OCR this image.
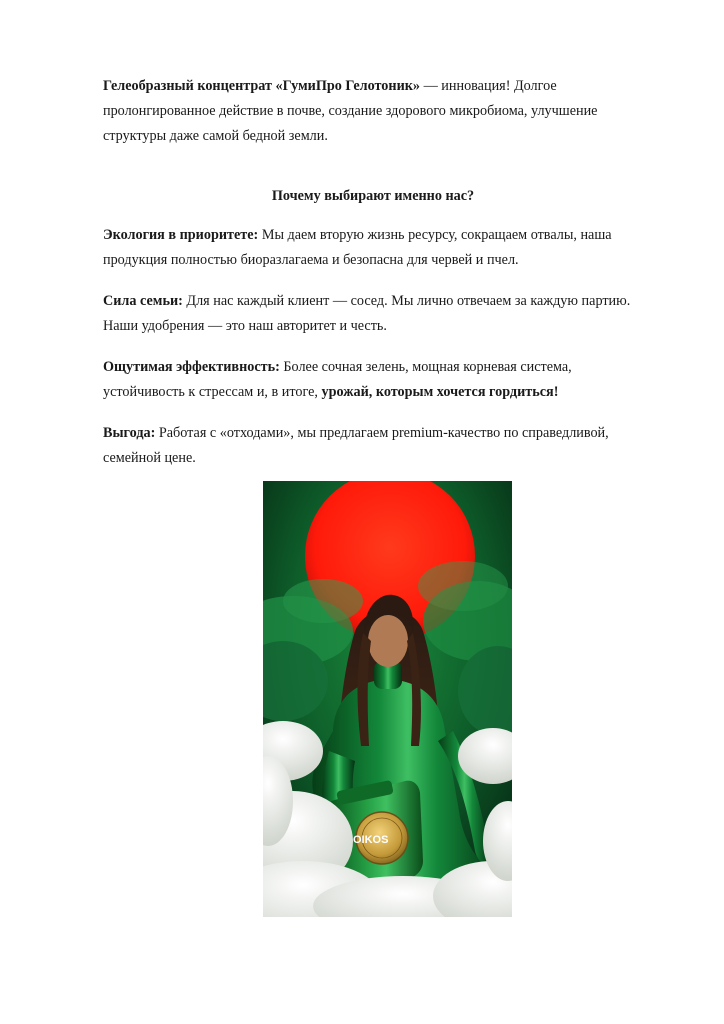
Гелеобразный концентрат «ГумиПро Гелотоник» — инновация! Долгое пролонгированное действие в почве, создание здорового микробиома, улучшение структуры даже самой бедной земли.

Почему выбирают именно нас?

Экология в приоритете: Мы даем вторую жизнь ресурсу, сокращаем отвалы, наша продукция полностью биоразлагаема и безопасна для червей и пчел.

Сила семьи: Для нас каждый клиент — сосед. Мы лично отвечаем за каждую партию. Наши удобрения — это наш авторитет и честь.

Ощутимая эффективность: Более сочная зелень, мощная корневая система, устойчивость к стрессам и, в итоге, урожай, которым хочется гордиться!

Выгода: Работая с «отходами», мы предлагаем premium-качество по справедливой, семейной цене.

OIKOS
